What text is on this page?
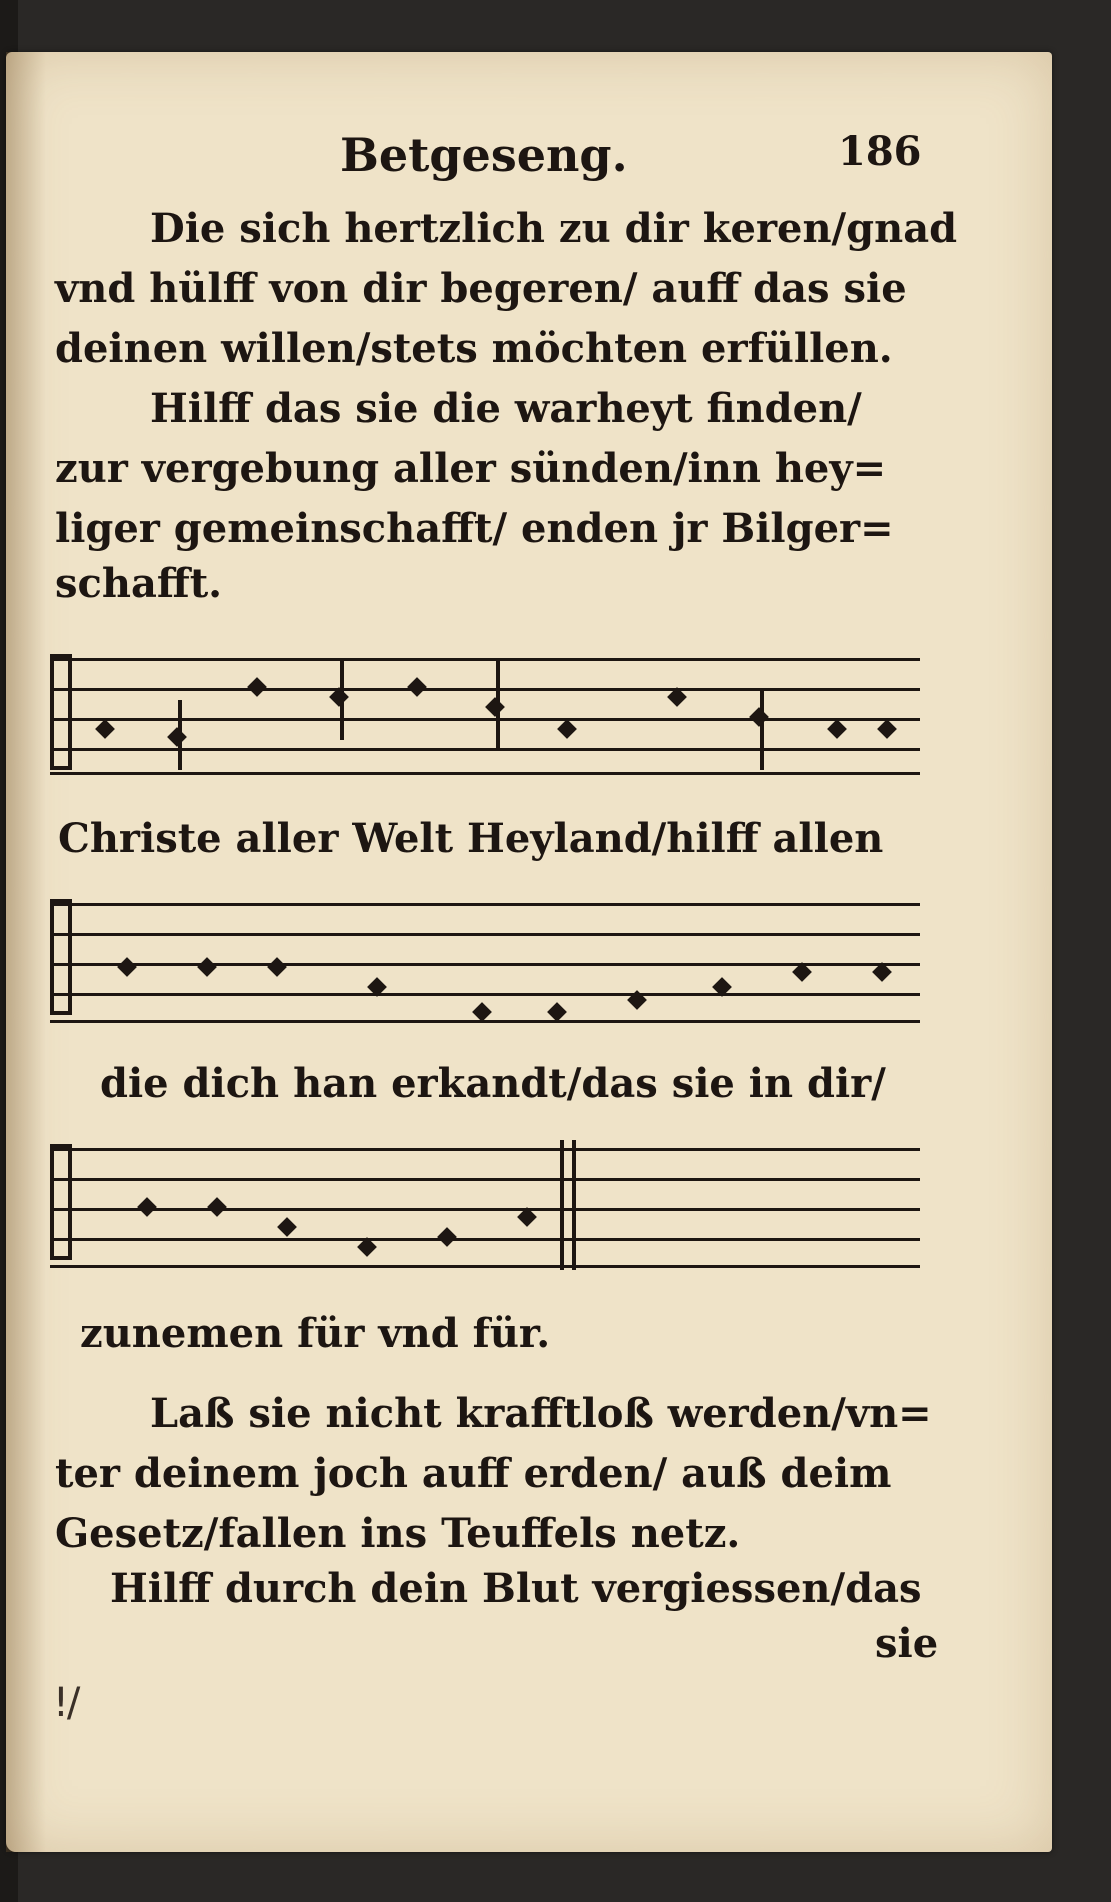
Betgeseng.	186
Die sich hertzlich zu dir keren/gnad
vnd hülff von dir begeren/ auff das sie
deinen willen/stets möchten erfüllen.
Hilff das sie die warheyt finden/
zur vergebung aller sünden/inn hey=
liger gemeinschafft/ enden jr Bilger=
schafft.
Christe aller Welt Heyland/hilff allen
die dich han erkandt/das sie in dir/
zunemen für vnd für.
Laß sie nicht krafftloß werden/vn=
ter deinem joch auff erden/ auß deim
Gesetz/fallen ins Teuffels netz.
Hilff durch dein Blut vergiessen/das
sie
ǃ/
